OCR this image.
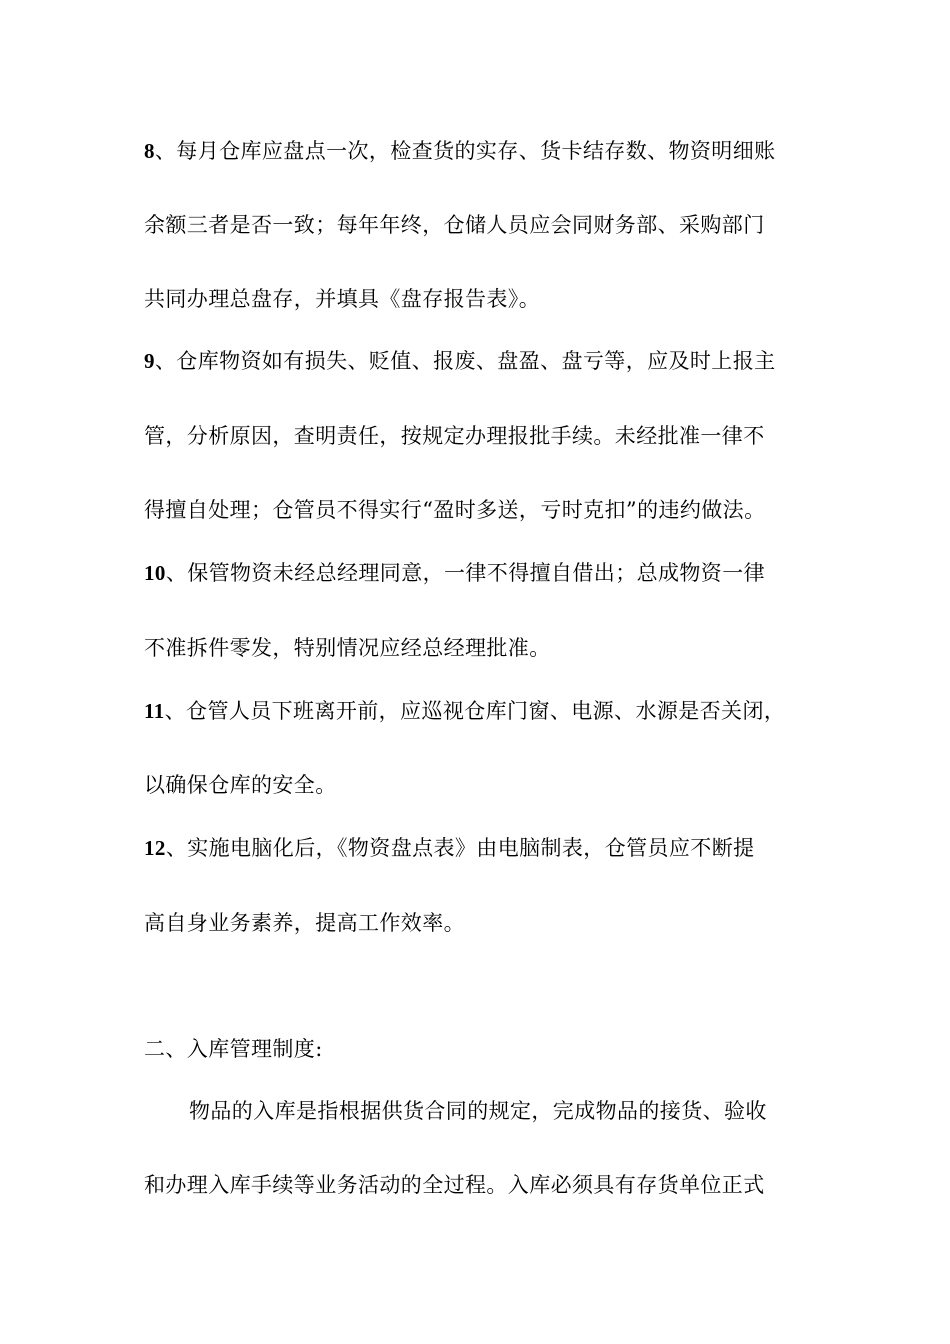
8、每月仓库应盘点一次，检查货的实存、货卡结存数、物资明细账
余额三者是否一致；每年年终，仓储人员应会同财务部、采购部门
共同办理总盘存，并填具《盘存报告表》。
9、仓库物资如有损失、贬值、报废、盘盈、盘亏等，应及时上报主
管，分析原因，查明责任，按规定办理报批手续。未经批准一律不
得擅自处理；仓管员不得实行“盈时多送，亏时克扣”的违约做法。
10、保管物资未经总经理同意，一律不得擅自借出；总成物资一律
不准拆件零发，特别情况应经总经理批准。
11、仓管人员下班离开前，应巡视仓库门窗、电源、水源是否关闭，
以确保仓库的安全。
12、实施电脑化后，《物资盘点表》由电脑制表，仓管员应不断提
高自身业务素养，提高工作效率。
二、入库管理制度:
物品的入库是指根据供货合同的规定，完成物品的接货、验收
和办理入库手续等业务活动的全过程。入库必须具有存货单位正式
